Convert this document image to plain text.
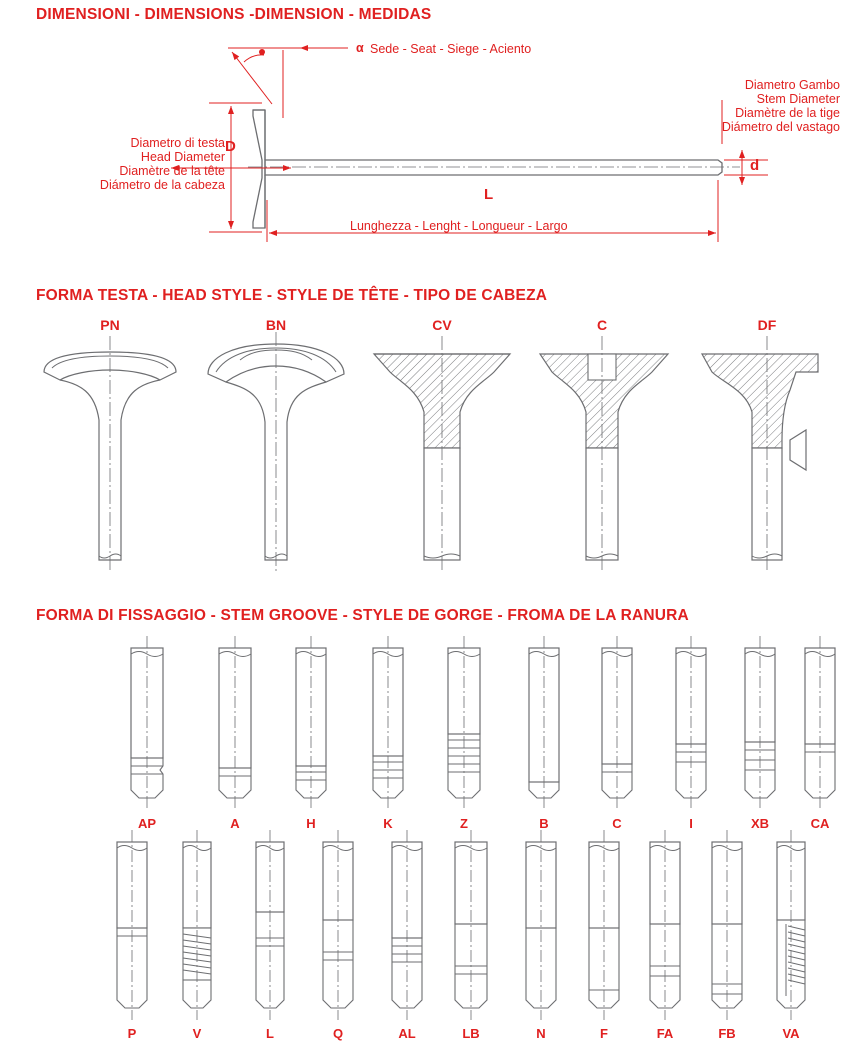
DIMENSIONI - DIMENSIONS -DIMENSION - MEDIDAS
FORMA TESTA - HEAD STYLE - STYLE DE TÊTE - TIPO DE CABEZA
FORMA DI FISSAGGIO - STEM GROOVE - STYLE DE GORGE - FROMA DE LA RANURA
α Sede - Seat - Siege - Aciento
Diametro di testa
Head Diameter
Diamètre de la tête
Diámetro de la cabeza
Diametro Gambo
Stem Diameter
Diamètre de la tige
Diámetro del vastago
D
d
L
Lunghezza - Lenght - Longueur - Largo
PN	BN	CV	C	DF
AP	A	H	K	Z	B	C	I	XB	CA
P	V	L	Q	AL	LB	N	F	FA	FB	VA
